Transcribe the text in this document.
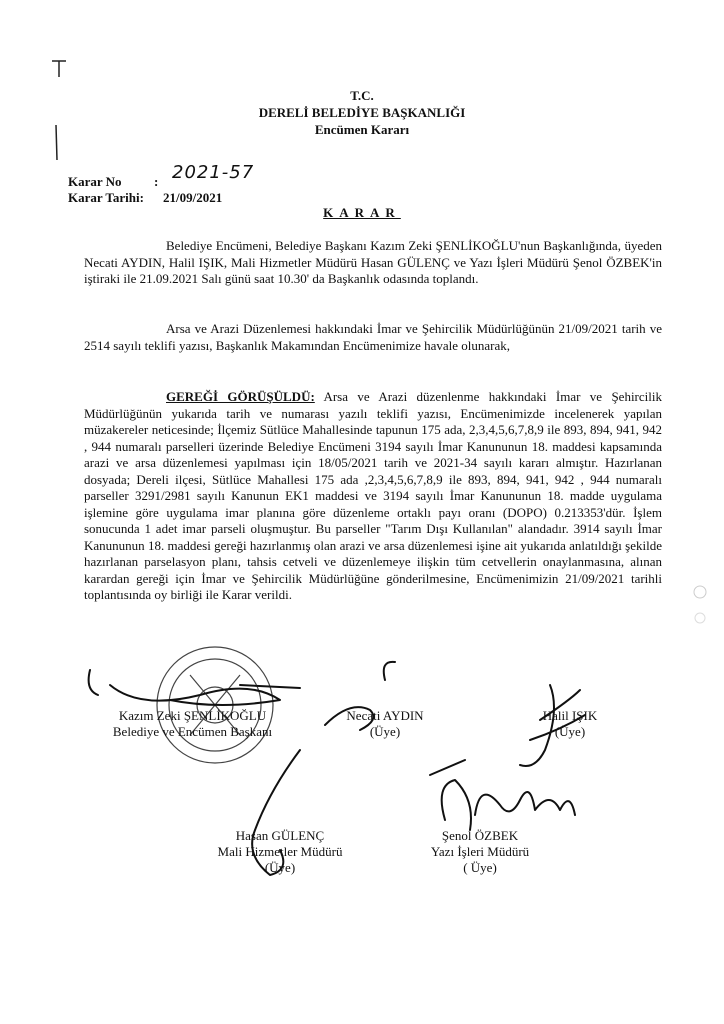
T.C.
DERELİ BELEDİYE BAŞKANLIĞI
Encümen Kararı
Karar No : 2021-57
Karar Tarihi: 21/09/2021
KARAR
Belediye Encümeni, Belediye Başkanı Kazım Zeki ŞENLİKOĞLU'nun Başkanlığında, üyeden Necati AYDIN, Halil IŞIK, Mali Hizmetler Müdürü Hasan GÜLENÇ ve Yazı İşleri Müdürü Şenol ÖZBEK'in iştiraki ile 21.09.2021 Salı günü saat 10.30' da Başkanlık odasında toplandı.
Arsa ve Arazi Düzenlemesi hakkındaki İmar ve Şehircilik Müdürlüğünün 21/09/2021 tarih ve 2514 sayılı teklifi yazısı, Başkanlık Makamından Encümenimize havale olunarak,
GEREĞİ GÖRÜŞÜLDÜ: Arsa ve Arazi düzenlenme hakkındaki İmar ve Şehircilik Müdürlüğünün yukarıda tarih ve numarası yazılı teklifi yazısı, Encümenimizde incelenerek yapılan müzakereler neticesinde; İlçemiz Sütlüce Mahallesinde tapunun 175 ada, 2,3,4,5,6,7,8,9 ile 893, 894, 941, 942 , 944 numaralı parselleri üzerinde Belediye Encümeni 3194 sayılı İmar Kanununun 18. maddesi kapsamında arazi ve arsa düzenlemesi yapılması için 18/05/2021 tarih ve 2021-34 sayılı kararı almıştır. Hazırlanan dosyada; Dereli ilçesi, Sütlüce Mahallesi 175 ada ,2,3,4,5,6,7,8,9 ile 893, 894, 941, 942 , 944 numaralı parseller 3291/2981 sayılı Kanunun EK1 maddesi ve 3194 sayılı İmar Kanununun 18. madde uygulama işlemine göre uygulama imar planına göre düzenleme ortaklı payı oranı (DOPO) 0.213353'dür. İşlem sonucunda 1 adet imar parseli oluşmuştur. Bu parseller "Tarım Dışı Kullanılan" alandadır. 3914 sayılı İmar Kanununun 18. maddesi gereği hazırlanmış olan arazi ve arsa düzenlemesi işine ait yukarıda anlatıldığı şekilde hazırlanan parselasyon planı, tahsis cetveli ve düzenlemeye ilişkin tüm cetvellerin onaylanmasına, alınan karardan gereği için İmar ve Şehircilik Müdürlüğüne gönderilmesine, Encümenimizin 21/09/2021 tarihli toplantısında oy birliği ile Karar verildi.
Kazım Zeki ŞENLİKOĞLU
Belediye ve Encümen Başkanı
Necati AYDIN
(Üye)
Halil IŞIK
(Üye)
Hasan GÜLENÇ
Mali Hizmetler Müdürü
(Üye)
Şenol ÖZBEK
Yazı İşleri Müdürü
( Üye)
